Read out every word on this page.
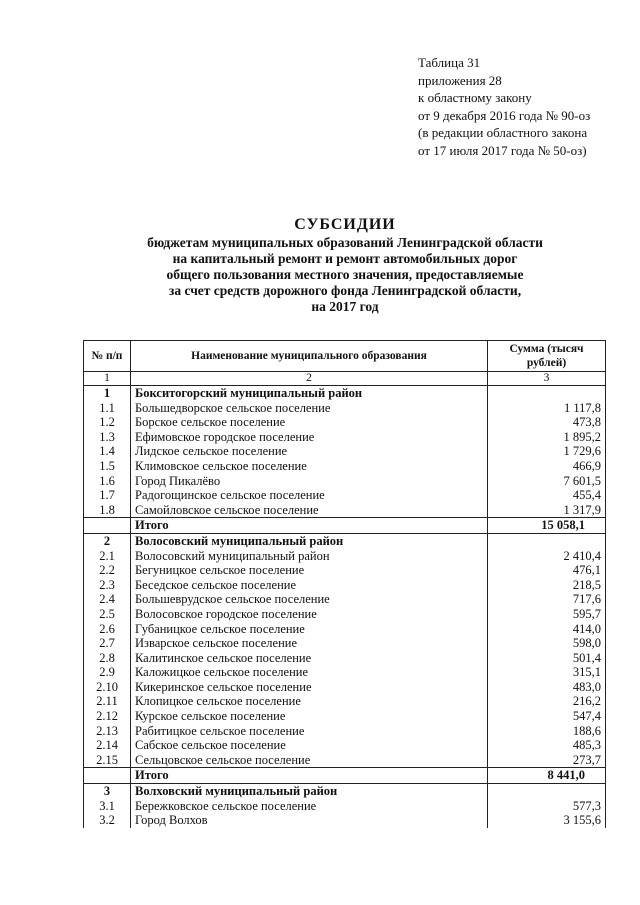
Таблица 31
приложения 28
к областному закону
от 9 декабря 2016 года № 90-оз
(в редакции областного закона
от 17 июля 2017 года № 50-оз)
СУБСИДИИ
бюджетам муниципальных образований Ленинградской области
на капитальный ремонт и ремонт автомобильных дорог
общего пользования местного значения, предоставляемые
за счет средств дорожного фонда Ленинградской области,
на 2017 год
№ п/п	Наименование муниципального образования	Сумма (тысяч рублей)
1	2	3
1	Бокситогорский муниципальный район	
1.1	Большедворское сельское поселение	1 117,8
1.2	Борское сельское поселение	473,8
1.3	Ефимовское городское поселение	1 895,2
1.4	Лидское сельское поселение	1 729,6
1.5	Климовское сельское поселение	466,9
1.6	Город Пикалёво	7 601,5
1.7	Радогощинское сельское поселение	455,4
1.8	Самойловское сельское поселение	1 317,9
	Итого	15 058,1
2	Волосовский муниципальный район	
2.1	Волосовский муниципальный район	2 410,4
2.2	Бегуницкое сельское поселение	476,1
2.3	Беседское сельское поселение	218,5
2.4	Большеврудское сельское поселение	717,6
2.5	Волосовское городское поселение	595,7
2.6	Губаницкое сельское поселение	414,0
2.7	Изварское сельское поселение	598,0
2.8	Калитинское сельское поселение	501,4
2.9	Каложицкое сельское поселение	315,1
2.10	Кикеринское сельское поселение	483,0
2.11	Клопицкое сельское поселение	216,2
2.12	Курское сельское поселение	547,4
2.13	Рабитицкое сельское поселение	188,6
2.14	Сабское сельское поселение	485,3
2.15	Сельцовское сельское поселение	273,7
	Итого	8 441,0
3	Волховский муниципальный район	
3.1	Бережковское сельское поселение	577,3
3.2	Город Волхов	3 155,6
